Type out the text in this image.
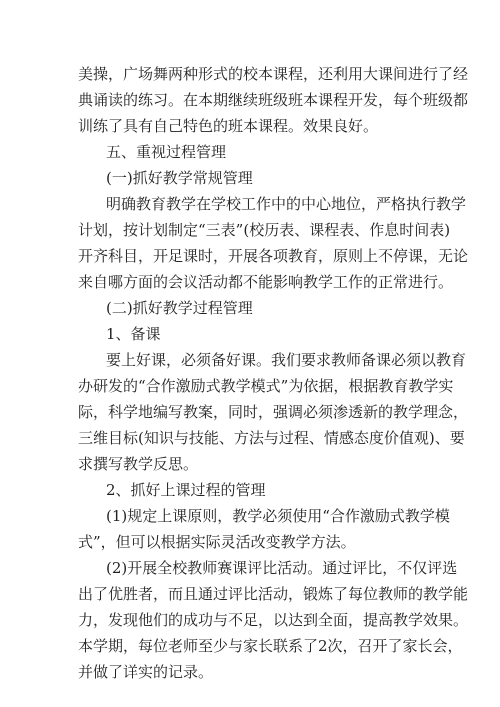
美操，广场舞两种形式的校本课程，还利用大课间进行了经
典诵读的练习。在本期继续班级班本课程开发，每个班级都
训练了具有自己特色的班本课程。效果良好。
五、重视过程管理
(一)抓好教学常规管理
明确教育教学在学校工作中的中心地位，严格执行教学
计划，按计划制定“三表”(校历表、课程表、作息时间表)
开齐科目，开足课时，开展各项教育，原则上不停课，无论
来自哪方面的会议活动都不能影响教学工作的正常进行。
(二)抓好教学过程管理
1、备课
要上好课，必须备好课。我们要求教师备课必须以教育
办研发的“合作激励式教学模式”为依据，根据教育教学实
际，科学地编写教案，同时，强调必须渗透新的教学理念，
三维目标(知识与技能、方法与过程、情感态度价值观)、要
求撰写教学反思。
2、抓好上课过程的管理
(1)规定上课原则，教学必须使用“合作激励式教学模
式”，但可以根据实际灵活改变教学方法。
(2)开展全校教师赛课评比活动。通过评比，不仅评选
出了优胜者，而且通过评比活动，锻炼了每位教师的教学能
力，发现他们的成功与不足，以达到全面，提高教学效果。
本学期，每位老师至少与家长联系了2次，召开了家长会，
并做了详实的记录。
